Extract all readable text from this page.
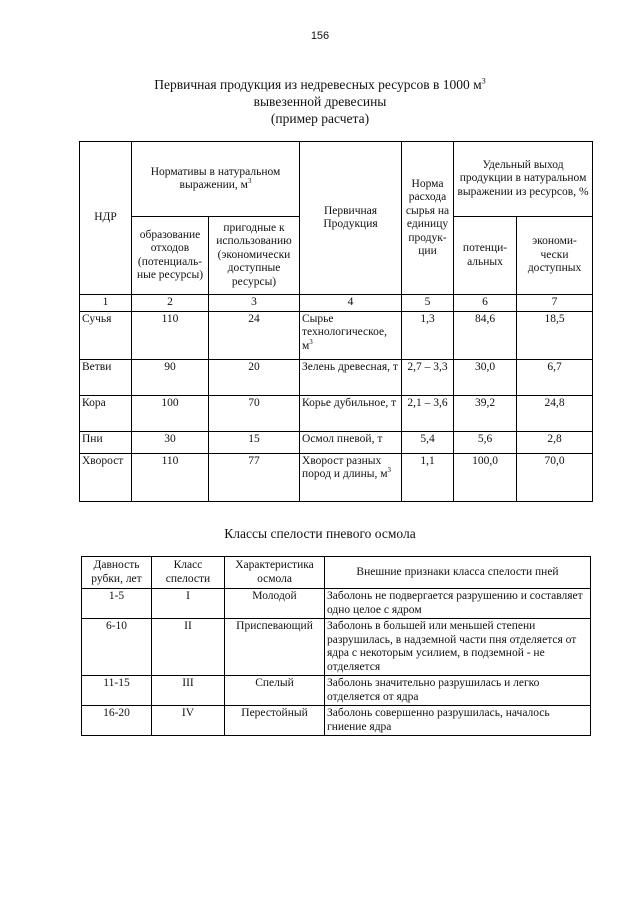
156
Первичная продукция из недревесных ресурсов в 1000 $м^3$
вывезенной древесины
(пример расчета)
НДР	Нормативы в натуральном выражении, $м^3$		Первичная Продукция	Норма расхода сырья на единицу продук-ции	Удельный выход продукции в натуральном выражении из ресурсов, %	
	образование отходов (потенциаль-ные ресурсы)	пригодные к использованию (экономически доступные ресурсы)			потенци-альных	экономи-чески доступных
1	2	3	4	5	6	7
Сучья	110	24	Сырье технологическое, $м^3$	1,3	84,6	18,5
Ветви	90	20	Зелень древесная, т	2,7 – 3,3	30,0	6,7
Кора	100	70	Корье дубильное, т	2,1 – 3,6	39,2	24,8
Пни	30	15	Осмол пневой, т	5,4	5,6	2,8
Хворост	110	77	Хворост разных пород и длины, $м^3$	1,1	100,0	70,0
Классы спелости пневого осмола
Давность рубки, лет	Класс спелости	Характеристика осмола	Внешние признаки класса спелости пней
1-5	I	Молодой	Заболонь не подвергается разрушению и составляет одно целое с ядром
6-10	II	Приспевающий	Заболонь в большей или меньшей степени разрушилась, в надземной части пня отделяется от ядра с некоторым усилием, в подземной - не отделяется
11-15	III	Спелый	Заболонь значительно разрушилась и легко отделяется от ядра
16-20	IV	Перестойный	Заболонь совершенно разрушилась, началось гниение ядра
